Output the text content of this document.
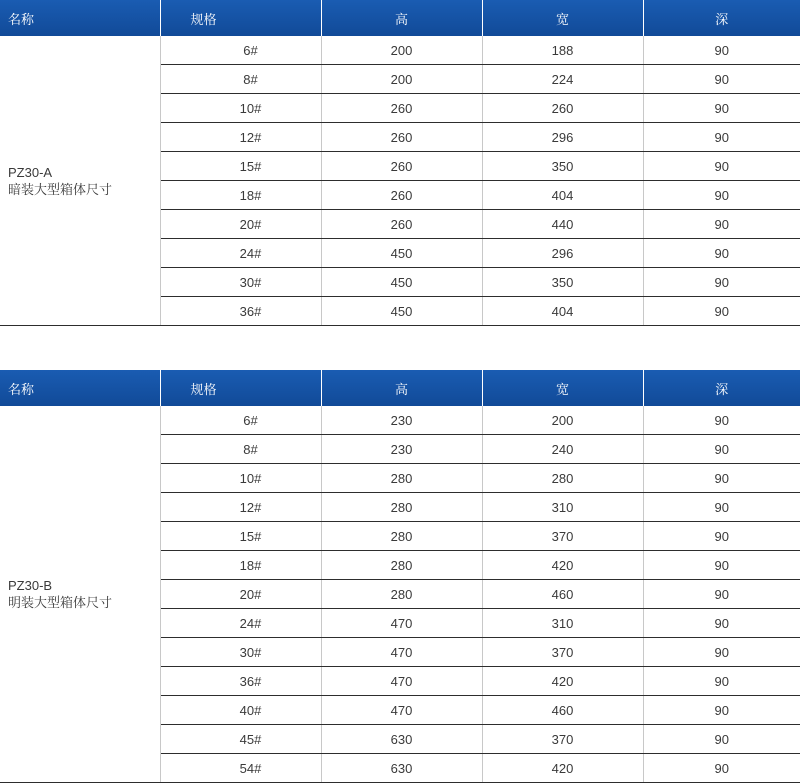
名称	规格	高	宽	深

PZ30-A
暗装大型箱体尺寸	6#	200	188	90
	8#	200	224	90
	10#	260	260	90
	12#	260	296	90
	15#	260	350	90
	18#	260	404	90
	20#	260	440	90
	24#	450	296	90
	30#	450	350	90
	36#	450	404	90
名称	规格	高	宽	深

PZ30-B
明装大型箱体尺寸	6#	230	200	90
	8#	230	240	90
	10#	280	280	90
	12#	280	310	90
	15#	280	370	90
	18#	280	420	90
	20#	280	460	90
	24#	470	310	90
	30#	470	370	90
	36#	470	420	90
	40#	470	460	90
	45#	630	370	90
	54#	630	420	90
